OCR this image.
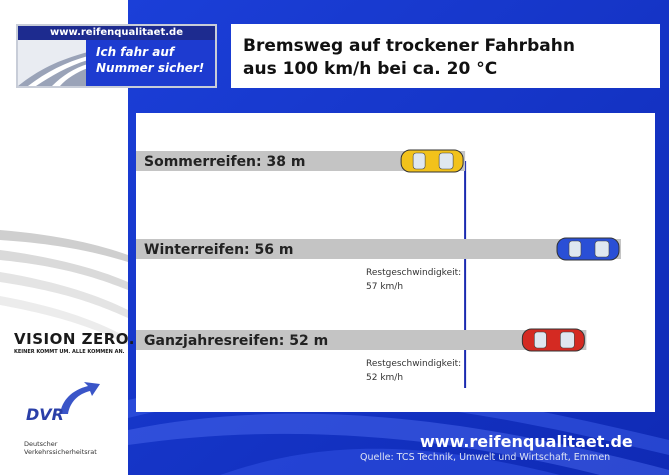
www.reifenqualitaet.de
Ich fahr auf
Nummer sicher!
Bremsweg auf trockener Fahrbahn
aus 100 km/h bei ca. 20 °C
Sommerreifen: 38 m
Winterreifen: 56 m
Ganzjahresreifen: 52 m
Restgeschwindigkeit:
57 km/h
Restgeschwindigkeit:
52 km/h
VISION ZERO.
KEINER KOMMT UM. ALLE KOMMEN AN.
DVR
Deutscher
Verkehrssicherheitsrat
www.reifenqualitaet.de
Quelle: TCS Technik, Umwelt und Wirtschaft, Emmen
